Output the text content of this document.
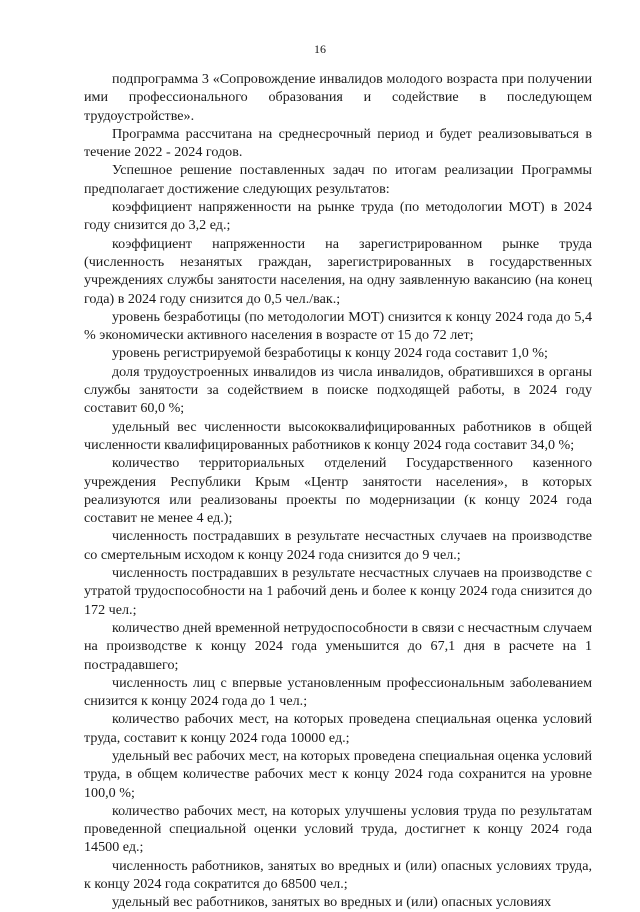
16

подпрограмма 3 «Сопровождение инвалидов молодого возраста при получении ими профессионального образования и содействие в последующем трудоустройстве».

Программа рассчитана на среднесрочный период и будет реализовываться в течение 2022 - 2024 годов.

Успешное решение поставленных задач по итогам реализации Программы предполагает достижение следующих результатов:

коэффициент напряженности на рынке труда (по методологии МОТ) в 2024 году снизится до 3,2 ед.;

коэффициент напряженности на зарегистрированном рынке труда (численность незанятых граждан, зарегистрированных в государственных учреждениях службы занятости населения, на одну заявленную вакансию (на конец года) в 2024 году снизится до 0,5 чел./вак.;

уровень безработицы (по методологии МОТ) снизится к концу 2024 года до 5,4 % экономически активного населения в возрасте от 15 до 72 лет;

уровень регистрируемой безработицы к концу 2024 года составит 1,0 %;

доля трудоустроенных инвалидов из числа инвалидов, обратившихся в органы службы занятости за содействием в поиске подходящей работы, в 2024 году составит 60,0 %;

удельный вес численности высококвалифицированных работников в общей численности квалифицированных работников к концу 2024 года составит 34,0 %;

количество территориальных отделений Государственного казенного учреждения Республики Крым «Центр занятости населения», в которых реализуются или реализованы проекты по модернизации (к концу 2024 года составит не менее 4 ед.);

численность пострадавших в результате несчастных случаев на производстве со смертельным исходом к концу 2024 года снизится до 9 чел.;

численность пострадавших в результате несчастных случаев на производстве с утратой трудоспособности на 1 рабочий день и более к концу 2024 года снизится до 172 чел.;

количество дней временной нетрудоспособности в связи с несчастным случаем на производстве к концу 2024 года уменьшится до 67,1 дня в расчете на 1 пострадавшего;

численность лиц с впервые установленным профессиональным заболеванием снизится к концу 2024 года до 1 чел.;

количество рабочих мест, на которых проведена специальная оценка условий труда, составит к концу 2024 года 10000 ед.;

удельный вес рабочих мест, на которых проведена специальная оценка условий труда, в общем количестве рабочих мест к концу 2024 года сохранится на уровне 100,0 %;

количество рабочих мест, на которых улучшены условия труда по результатам проведенной специальной оценки условий труда, достигнет к концу 2024 года 14500 ед.;

численность работников, занятых во вредных и (или) опасных условиях труда, к концу 2024 года сократится до 68500 чел.;

удельный вес работников, занятых во вредных и (или) опасных условиях
